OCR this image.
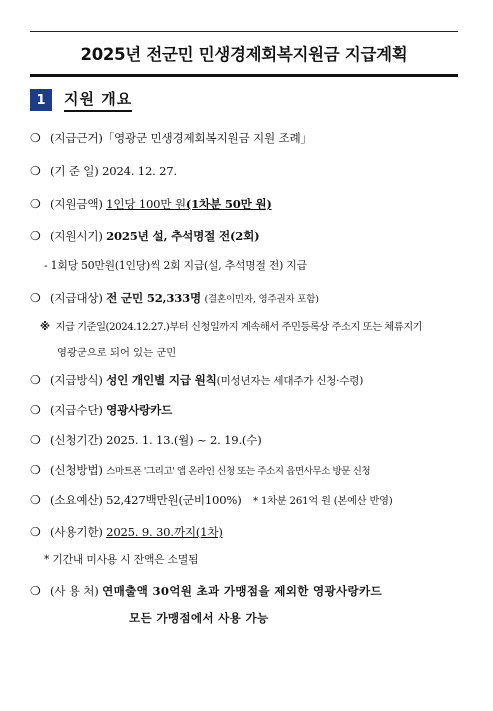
2025년 전군민 민생경제회복지원금 지급계획
1	지원 개요
❍ (지급근거)「영광군 민생경제회복지원금 지원 조례」
❍ (기 준 일) 2024. 12. 27.
❍ (지원금액) 1인당 100만 원(1차분 50만 원)
❍ (지원시기) 2025년 설, 추석명절 전(2회)
- 1회당 50만원(1인당)씩 2회 지급(설, 추석명절 전) 지급
❍ (지급대상) 전 군민 52,333명 (결혼이민자, 영주권자 포함)
※ 지급 기준일(2024.12.27.)부터 신청일까지 계속해서 주민등록상 주소지 또는 체류지기
영광군으로 되어 있는 군민
❍ (지급방식) 성인 개인별 지급 원칙(미성년자는 세대주가 신청·수령)
❍ (지급수단) 영광사랑카드
❍ (신청기간) 2025. 1. 13.(월) ~ 2. 19.(수)
❍ (신청방법) 스마트폰 '그리고' 앱 온라인 신청 또는 주소지 읍면사무소 방문 신청
❍ (소요예산) 52,427백만원(군비100%) * 1차분 261억 원 (본예산 반영)
❍ (사용기한) 2025. 9. 30.까지(1차)
* 기간내 미사용 시 잔액은 소멸됨
❍ (사 용 처) 연매출액 30억원 초과 가맹점을 제외한 영광사랑카드
모든 가맹점에서 사용 가능
